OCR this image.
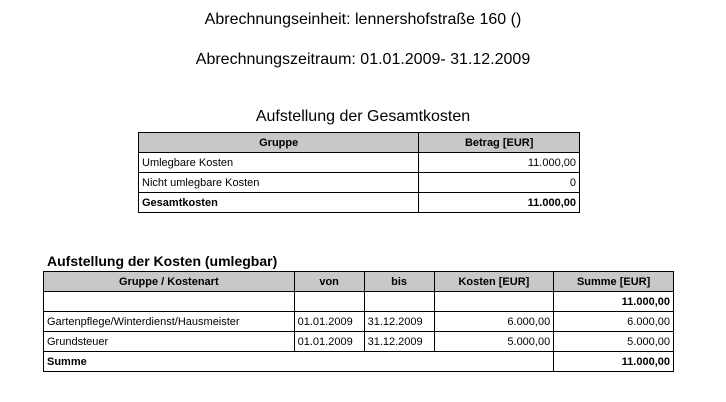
Abrechnungseinheit: lennershofstraße 160 ()
Abrechnungszeitraum: 01.01.2009- 31.12.2009
Aufstellung der Gesamtkosten
Gruppe	Betrag [EUR]
Umlegbare Kosten	11.000,00
Nicht umlegbare Kosten	0
Gesamtkosten	11.000,00
Aufstellung der Kosten (umlegbar)
Gruppe / Kostenart	von	bis	Kosten [EUR]	Summe [EUR]
				11.000,00
Gartenpflege/Winterdienst/Hausmeister	01.01.2009	31.12.2009	6.000,00	6.000,00
Grundsteuer	01.01.2009	31.12.2009	5.000,00	5.000,00
Summe				11.000,00
